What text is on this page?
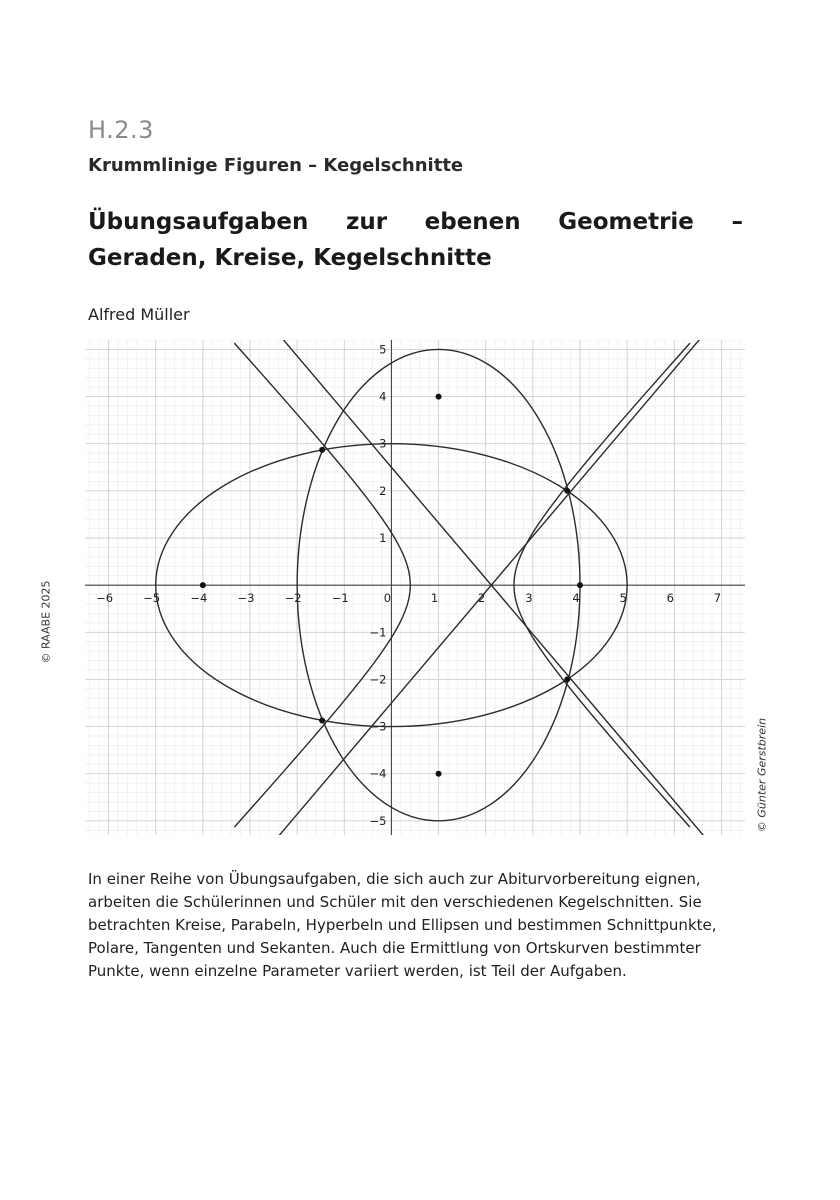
H.2.3
Krummlinige Figuren – Kegelschnitte
Übungsaufgaben zur ebenen Geometrie – Geraden, Kreise, Kegelschnitte
Alfred Müller
© RAABE 2025
© Günter Gerstbrein
−6	−5	−4	−3	−2	−1	0	1	2	3	4	5	6	7
5
4
3
2
1
−1
−2
−3
−4
−5
In einer Reihe von Übungsaufgaben, die sich auch zur Abiturvorbereitung eignen, arbeiten die Schülerinnen und Schüler mit den verschiedenen Kegelschnitten. Sie betrachten Kreise, Parabeln, Hyperbeln und Ellipsen und bestimmen Schnittpunkte, Polare, Tangenten und Sekanten. Auch die Ermittlung von Ortskurven bestimmter Punkte, wenn einzelne Parameter variiert werden, ist Teil der Aufgaben.
